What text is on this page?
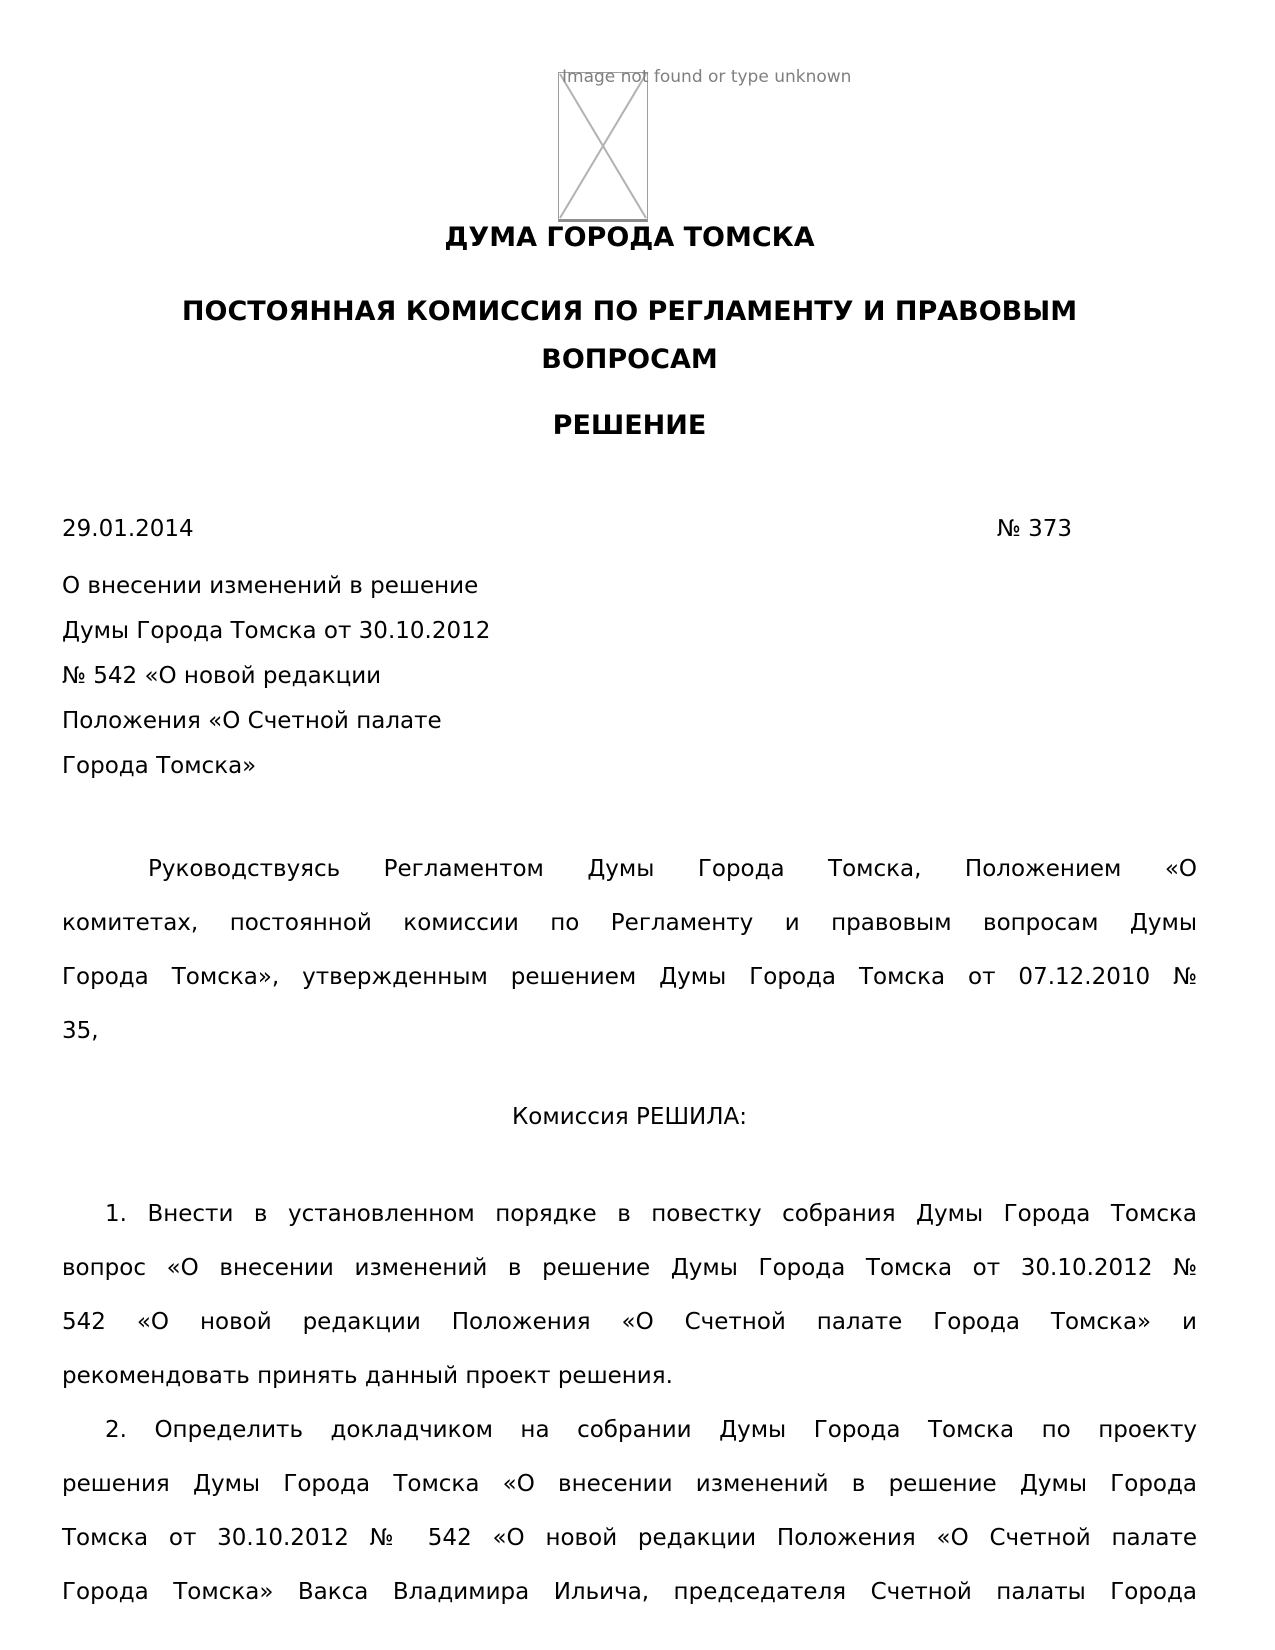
Image not found or type unknown
ДУМА ГОРОДА ТОМСКА
ПОСТОЯННАЯ КОМИССИЯ ПО РЕГЛАМЕНТУ И ПРАВОВЫМ ВОПРОСАМ
РЕШЕНИЕ
29.01.2014	№ 373
О внесении изменений в решение
Думы Города Томска от 30.10.2012
№ 542 «О новой редакции
Положения «О Счетной палате
Города Томска»
Руководствуясь Регламентом Думы Города Томска, Положением «О
комитетах, постоянной комиссии по Регламенту и правовым вопросам Думы
Города Томска», утвержденным решением Думы Города Томска от 07.12.2010 №
35,
Комиссия РЕШИЛА:
1. Внести в установленном порядке в повестку собрания Думы Города Томска
вопрос «О внесении изменений в решение Думы Города Томска от 30.10.2012 №
542 «О новой редакции Положения «О Счетной палате Города Томска» и
рекомендовать принять данный проект решения.
2. Определить докладчиком на собрании Думы Города Томска по проекту
решения Думы Города Томска «О внесении изменений в решение Думы Города
Томска от 30.10.2012 № 542 «О новой редакции Положения «О Счетной палате
Города Томска» Вакса Владимира Ильича, председателя Счетной палаты Города
